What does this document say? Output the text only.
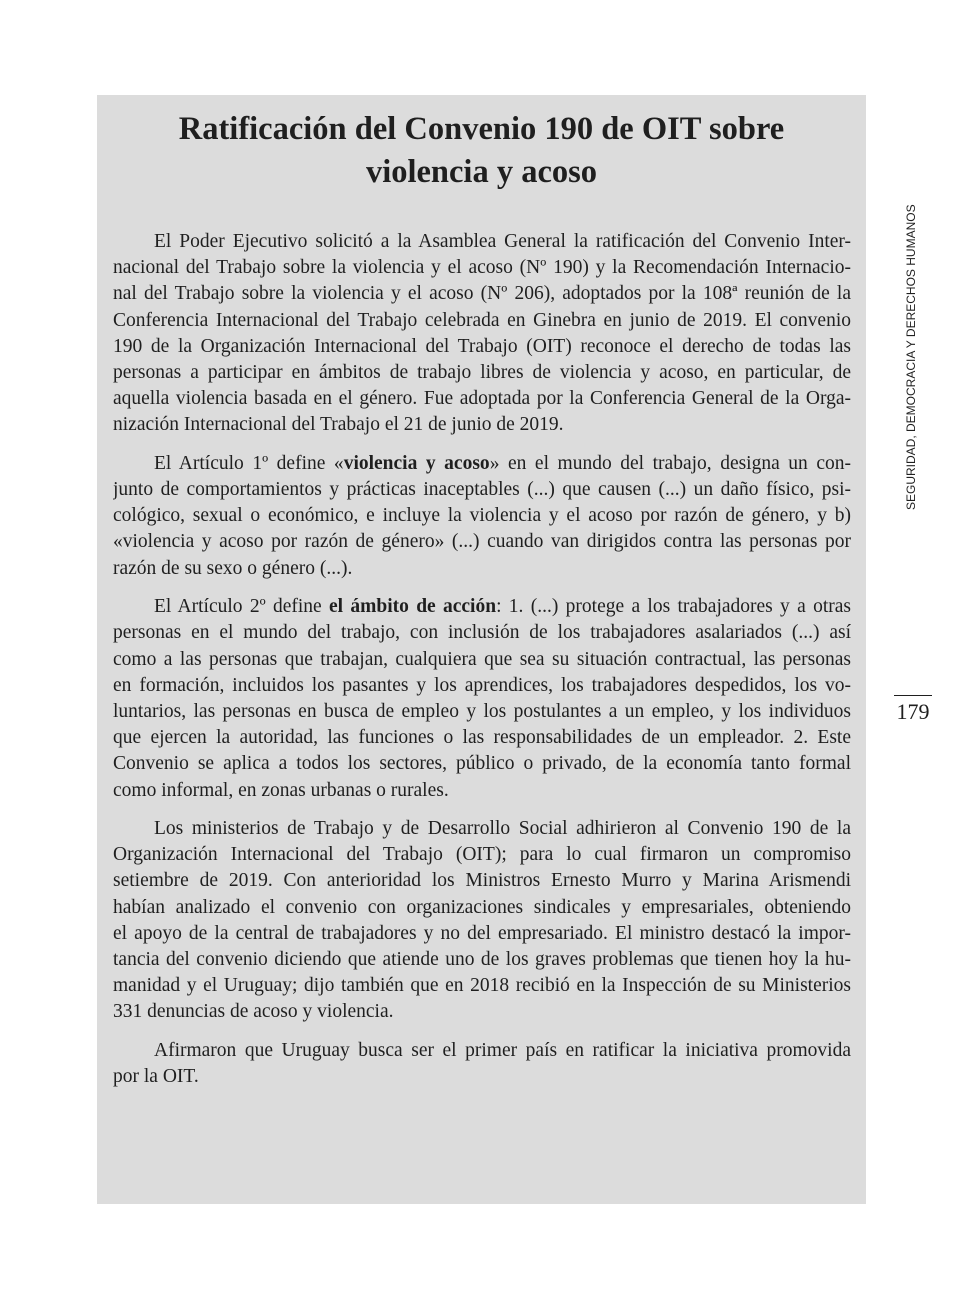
SEGURIDAD, DEMOCRACIA Y DERECHOS HUMANOS
179
Ratificación del Convenio 190 de OIT sobre
violencia y acoso
El Poder Ejecutivo solicitó a la Asamblea General la ratificación del Convenio Inter-
nacional del Trabajo sobre la violencia y el acoso (Nº 190) y la Recomendación Internacio-
nal del Trabajo sobre la violencia y el acoso (Nº 206), adoptados por la 108ª reunión de la
Conferencia Internacional del Trabajo celebrada en Ginebra en junio de 2019. El convenio
190 de la Organización Internacional del Trabajo (OIT) reconoce el derecho de todas las
personas a participar en ámbitos de trabajo libres de violencia y acoso, en particular, de
aquella violencia basada en el género. Fue adoptada por la Conferencia General de la Orga-
nización Internacional del Trabajo el 21 de junio de 2019.
El Artículo 1º define «violencia y acoso» en el mundo del trabajo, designa un con-
junto de comportamientos y prácticas inaceptables (...) que causen (...) un daño físico, psi-
cológico, sexual o económico, e incluye la violencia y el acoso por razón de género, y b)
«violencia y acoso por razón de género» (...) cuando van dirigidos contra las personas por
razón de su sexo o género (...).
El Artículo 2º define el ámbito de acción: 1. (...) protege a los trabajadores y a otras
personas en el mundo del trabajo, con inclusión de los trabajadores asalariados (...) así
como a las personas que trabajan, cualquiera que sea su situación contractual, las personas
en formación, incluidos los pasantes y los aprendices, los trabajadores despedidos, los vo-
luntarios, las personas en busca de empleo y los postulantes a un empleo, y los individuos
que ejercen la autoridad, las funciones o las responsabilidades de un empleador. 2. Este
Convenio se aplica a todos los sectores, público o privado, de la economía tanto formal
como informal, en zonas urbanas o rurales.
Los ministerios de Trabajo y de Desarrollo Social adhirieron al Convenio 190 de la
Organización Internacional del Trabajo (OIT); para lo cual firmaron un compromiso
setiembre de 2019. Con anterioridad los Ministros Ernesto Murro y Marina Arismendi
habían analizado el convenio con organizaciones sindicales y empresariales, obteniendo
el apoyo de la central de trabajadores y no del empresariado. El ministro destacó la impor-
tancia del convenio diciendo que atiende uno de los graves problemas que tienen hoy la hu-
manidad y el Uruguay; dijo también que en 2018 recibió en la Inspección de su Ministerios
331 denuncias de acoso y violencia.
Afirmaron que Uruguay busca ser el primer país en ratificar la iniciativa promovida
por la OIT.
